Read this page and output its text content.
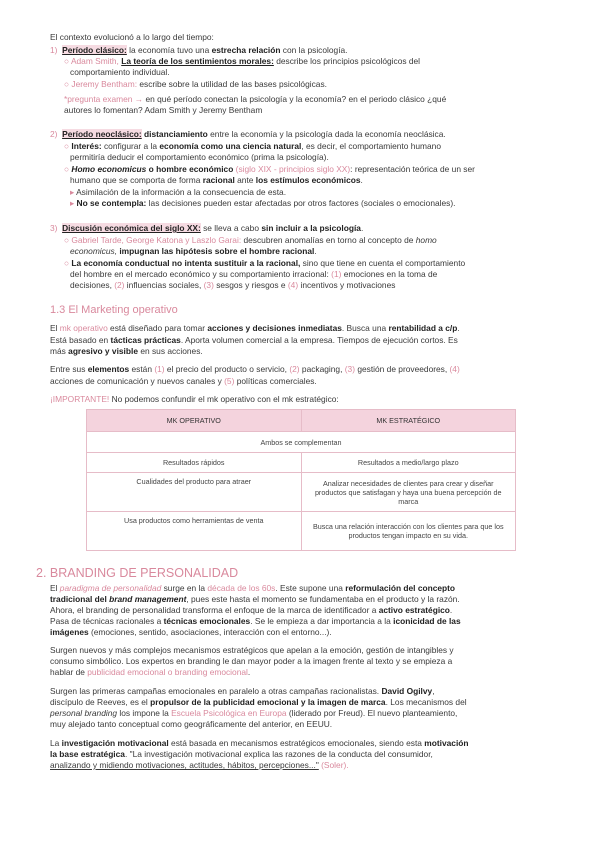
El contexto evolucionó a lo largo del tiempo:
1) Período clásico: la economía tuvo una estrecha relación con la psicología.
○ Adam Smith, La teoría de los sentimientos morales: describe los principios psicológicos del
comportamiento individual.
○ Jeremy Bentham: escribe sobre la utilidad de las bases psicológicas.
*pregunta examen → en qué período conectan la psicología y la economía? en el periodo clásico ¿qué
autores lo fomentan? Adam Smith y Jeremy Bentham
2) Período neoclásico: distanciamiento entre la economía y la psicología dada la economía neoclásica.
○ Interés: configurar a la economía como una ciencia natural, es decir, el comportamiento humano
permitiría deducir el comportamiento económico (prima la psicología).
○ Homo economicus o hombre económico (siglo XIX - principios siglo XX): representación teórica de un ser
humano que se comporta de forma racional ante los estímulos económicos.
▸ Asimilación de la información a la consecuencia de esta.
▸ No se contempla: las decisiones pueden estar afectadas por otros factores (sociales o emocionales).
3) Discusión económica del siglo XX: se lleva a cabo sin incluir a la psicología.
○ Gabriel Tarde, George Katona y Laszlo Garai: descubren anomalías en torno al concepto de homo
economicus, impugnan las hipótesis sobre el hombre racional.
○ La economía conductual no intenta sustituir a la racional, sino que tiene en cuenta el comportamiento
del hombre en el mercado económico y su comportamiento irracional: (1) emociones en la toma de
decisiones, (2) influencias sociales, (3) sesgos y riesgos e (4) incentivos y motivaciones
1.3 El Marketing operativo
El mk operativo está diseñado para tomar acciones y decisiones inmediatas. Busca una rentabilidad a c/p.
Está basado en tácticas prácticas. Aporta volumen comercial a la empresa. Tiempos de ejecución cortos. Es
más agresivo y visible en sus acciones.
Entre sus elementos están (1) el precio del producto o servicio, (2) packaging, (3) gestión de proveedores, (4)
acciones de comunicación y nuevos canales y (5) políticas comerciales.
¡IMPORTANTE! No podemos confundir el mk operativo con el mk estratégico:
MK OPERATIVO	MK ESTRATÉGICO
Ambos se complementan	
Resultados rápidos	Resultados a medio/largo plazo
Cualidades del producto para atraer	Analizar necesidades de clientes para crear y diseñar productos que satisfagan y haya una buena percepción de marca
Usa productos como herramientas de venta	Busca una relación interacción con los clientes para que los productos tengan impacto en su vida.
2. BRANDING DE PERSONALIDAD
El paradigma de personalidad surge en la década de los 60s. Este supone una reformulación del concepto
tradicional del brand management, pues este hasta el momento se fundamentaba en el producto y la razón.
Ahora, el branding de personalidad transforma el enfoque de la marca de identificador a activo estratégico.
Pasa de técnicas racionales a técnicas emocionales. Se le empieza a dar importancia a la iconicidad de las
imágenes (emociones, sentido, asociaciones, interacción con el entorno...).
Surgen nuevos y más complejos mecanismos estratégicos que apelan a la emoción, gestión de intangibles y
consumo simbólico. Los expertos en branding le dan mayor poder a la imagen frente al texto y se empieza a
hablar de publicidad emocional o branding emocional.
Surgen las primeras campañas emocionales en paralelo a otras campañas racionalistas. David Ogilvy,
discípulo de Reeves, es el propulsor de la publicidad emocional y la imagen de marca. Los mecanismos del
personal branding los impone la Escuela Psicológica en Europa (liderado por Freud). El nuevo planteamiento,
muy alejado tanto conceptual como geográficamente del anterior, en EEUU.
La investigación motivacional está basada en mecanismos estratégicos emocionales, siendo esta motivación
la base estratégica. "La investigación motivacional explica las razones de la conducta del consumidor,
analizando y midiendo motivaciones, actitudes, hábitos, percepciones..." (Soler).
